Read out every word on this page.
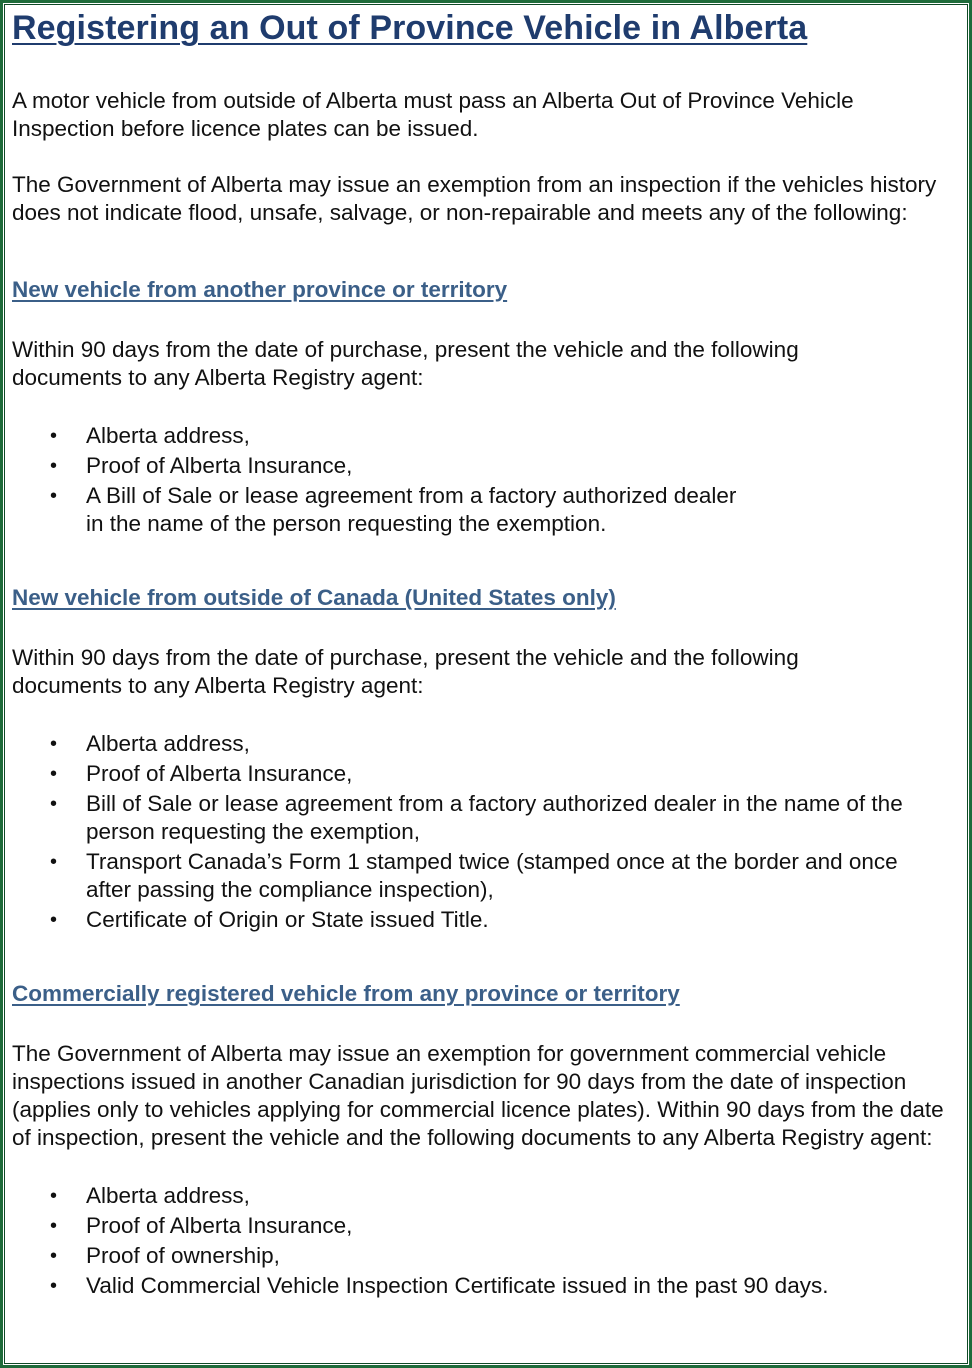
Registering an Out of Province Vehicle in Alberta

A motor vehicle from outside of Alberta must pass an Alberta Out of Province Vehicle Inspection before licence plates can be issued.

The Government of Alberta may issue an exemption from an inspection if the vehicles history does not indicate flood, unsafe, salvage, or non-repairable and meets any of the following:

New vehicle from another province or territory

Within 90 days from the date of purchase, present the vehicle and the following documents to any Alberta Registry agent:

• Alberta address,
• Proof of Alberta Insurance,
• A Bill of Sale or lease agreement from a factory authorized dealer in the name of the person requesting the exemption.
New vehicle from outside of Canada (United States only)

Within 90 days from the date of purchase, present the vehicle and the following documents to any Alberta Registry agent:

• Alberta address,
• Proof of Alberta Insurance,
• Bill of Sale or lease agreement from a factory authorized dealer in the name of the person requesting the exemption,
• Transport Canada’s Form 1 stamped twice (stamped once at the border and once after passing the compliance inspection),
• Certificate of Origin or State issued Title.
Commercially registered vehicle from any province or territory

The Government of Alberta may issue an exemption for government commercial vehicle inspections issued in another Canadian jurisdiction for 90 days from the date of inspection (applies only to vehicles applying for commercial licence plates). Within 90 days from the date of inspection, present the vehicle and the following documents to any Alberta Registry agent:

• Alberta address,
• Proof of Alberta Insurance,
• Proof of ownership,
• Valid Commercial Vehicle Inspection Certificate issued in the past 90 days.
